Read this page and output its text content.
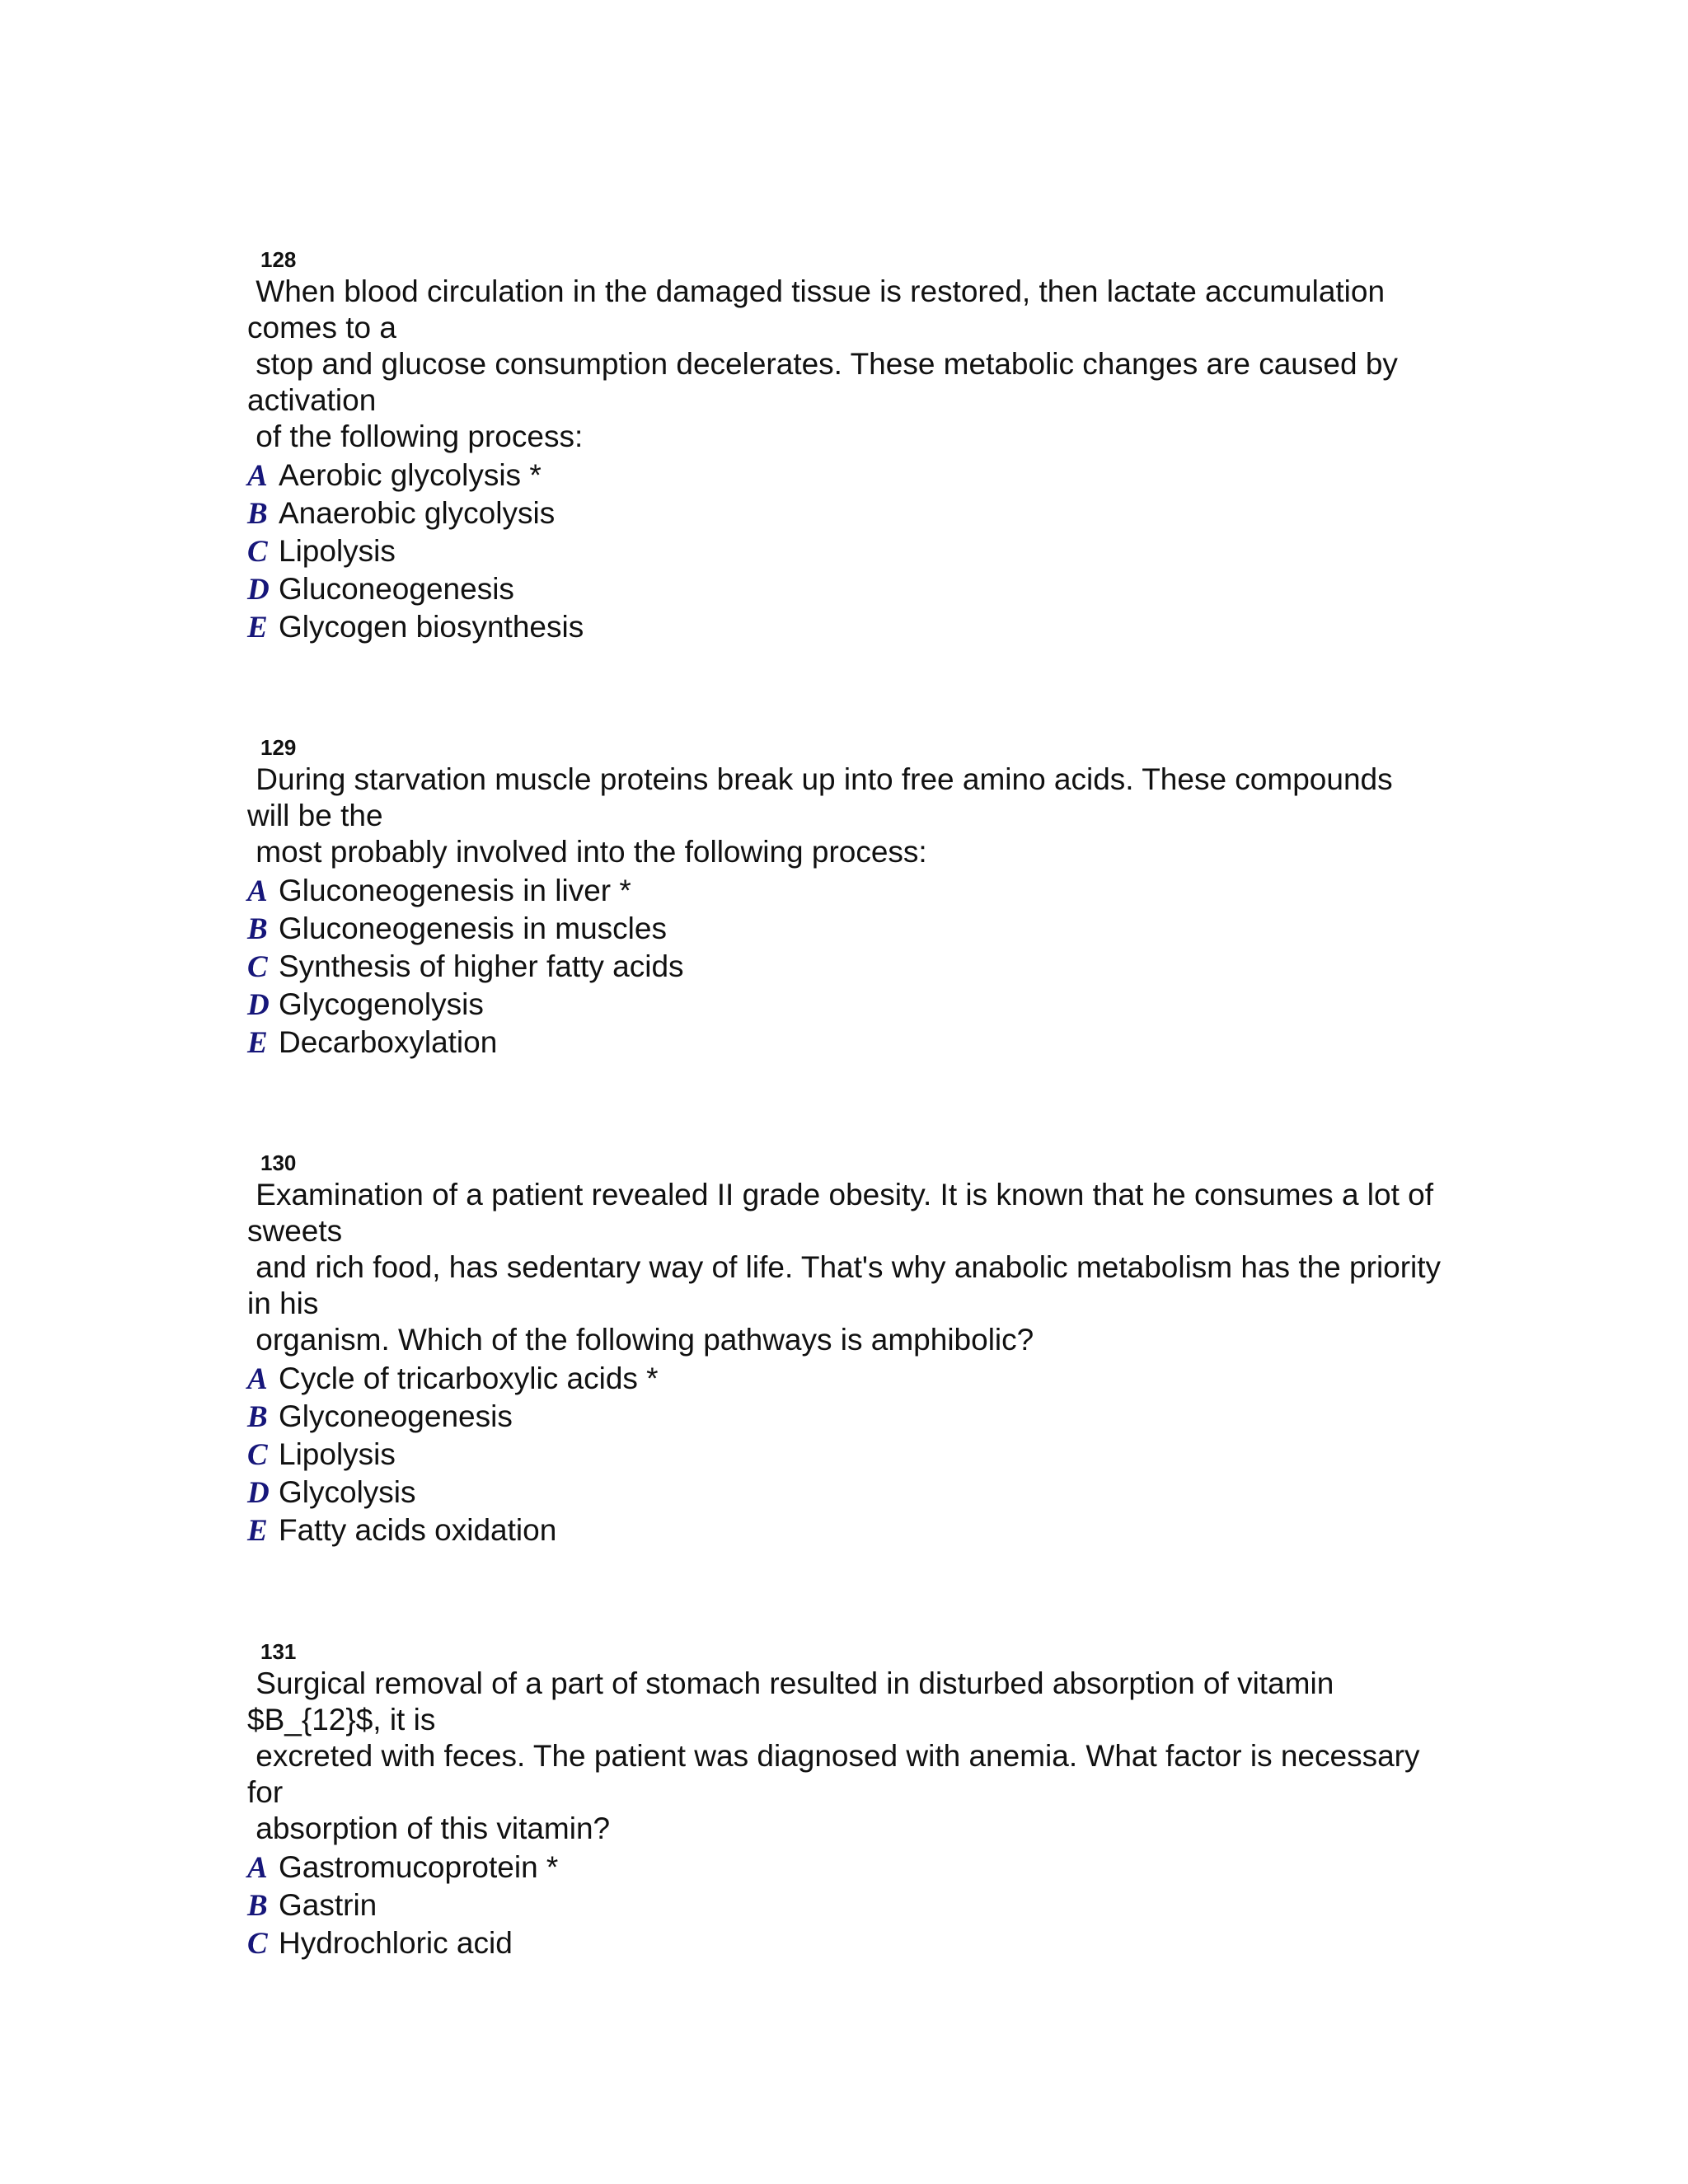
128
When blood circulation in the damaged tissue is restored, then lactate accumulation
comes to a
stop and glucose consumption decelerates. These metabolic changes are caused by
activation
of the following process:
A Aerobic glycolysis *
B Anaerobic glycolysis
C Lipolysis
D Gluconeogenesis
E Glycogen biosynthesis
129
During starvation muscle proteins break up into free amino acids. These compounds
will be the
most probably involved into the following process:
A Gluconeogenesis in liver *
B Gluconeogenesis in muscles
C Synthesis of higher fatty acids
D Glycogenolysis
E Decarboxylation
130
Examination of a patient revealed II grade obesity. It is known that he consumes a lot of
sweets
and rich food, has sedentary way of life. That's why anabolic metabolism has the priority
in his
organism. Which of the following pathways is amphibolic?
A Cycle of tricarboxylic acids *
B Glyconeogenesis
C Lipolysis
D Glycolysis
E Fatty acids oxidation
131
Surgical removal of a part of stomach resulted in disturbed absorption of vitamin
$B_{12}$, it is
excreted with feces. The patient was diagnosed with anemia. What factor is necessary
for
absorption of this vitamin?
A Gastromucoprotein *
B Gastrin
C Hydrochloric acid
